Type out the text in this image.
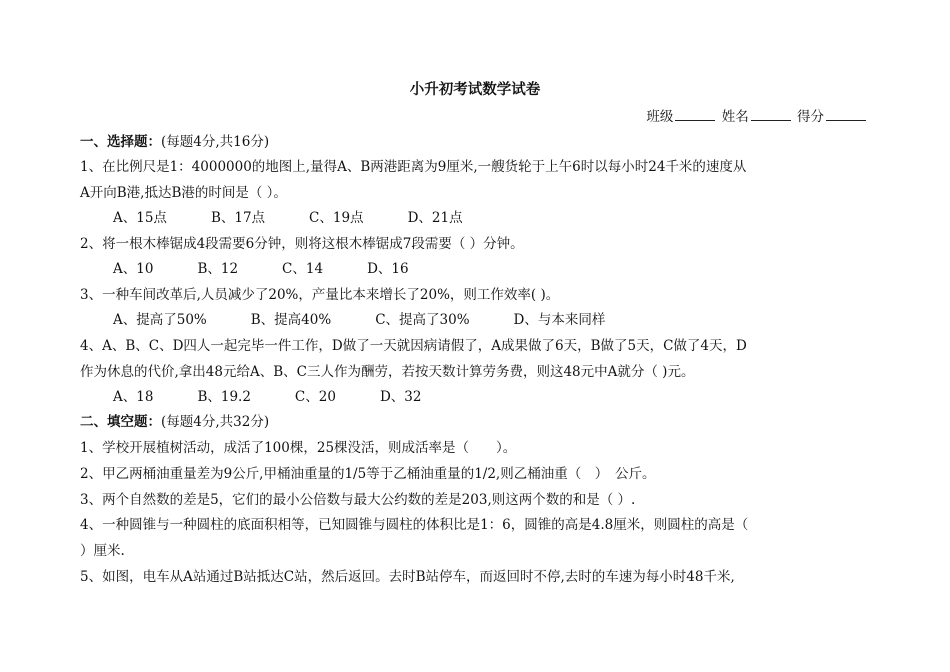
小升初考试数学试卷
班级	姓名	得分
一、选择题：(每题4分,共16分)
1、在比例尺是1：4000000的地图上,量得A、B两港距离为9厘米,一艘货轮于上午6时以每小时24千米的速度从
A开向B港,抵达B港的时间是（ ）。
A、15点	B、17点	C、19点	D、21点
2、将一根木棒锯成4段需要6分钟，则将这根木棒锯成7段需要（ ）分钟。
A、10	B、12	C、14	D、16
3、一种车间改革后,人员减少了20%，产量比本来增长了20%，则工作效率( )。
A、提高了50%	B、提高40%	C、提高了30%	D、与本来同样
4、A、B、C、D四人一起完毕一件工作，D做了一天就因病请假了，A成果做了6天，B做了5天，C做了4天，D
作为休息的代价,拿出48元给A、B、C三人作为酬劳，若按天数计算劳务费，则这48元中A就分（ )元。
A、18	B、19.2	C、20	D、32
二、填空题：(每题4分,共32分)
1、学校开展植树活动，成活了100棵，25棵没活，则成活率是（　　）。
2、甲乙两桶油重量差为9公斤,甲桶油重量的1/5等于乙桶油重量的1/2,则乙桶油重（　）　公斤。
3、两个自然数的差是5，它们的最小公倍数与最大公约数的差是203,则这两个数的和是（ ）.
4、一种圆锥与一种圆柱的底面积相等，已知圆锥与圆柱的体积比是1：6，圆锥的高是4.8厘米，则圆柱的高是（
）厘米.
5、如图，电车从A站通过B站抵达C站，然后返回。去时B站停车，而返回时不停,去时的车速为每小时48千米,
